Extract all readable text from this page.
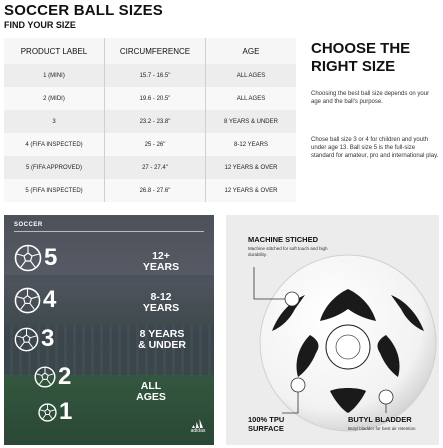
SOCCER BALL SIZES
FIND YOUR SIZE
PRODUCT LABEL	CIRCUMFERENCE	AGE
1 (MINI)	15.7 - 16.5"	ALL AGES
2 (MIDI)	19.6 - 20.5"	ALL AGES
3	23.2 - 23.8"	8 YEARS & UNDER
4 (FIFA INSPECTED)	25 - 26"	8-12 YEARS
5 (FIFA APPROVED)	27 - 27.4"	12 YEARS & OVER
5 (FIFA INSPECTED)	26.8 - 27.6"	12 YEARS & OVER
CHOOSE THE RIGHT SIZE
Choosing the best ball size depends on your age and the ball's purpose.
Chose ball size 3 or 4 for children and youth under age 13. Ball size 5 is the full-size standard for amateur, pro and international play.
SOCCER
5	12+
YEARS
4	8-12
YEARS
3	8 YEARS
& UNDER
2
1
ALL
AGES
adidas
MACHINE STICHED
Machine stitched for soft touch and high durability.
100% TPU SURFACE
BUTYL BLADDER
Butyl bladder for best air retention
